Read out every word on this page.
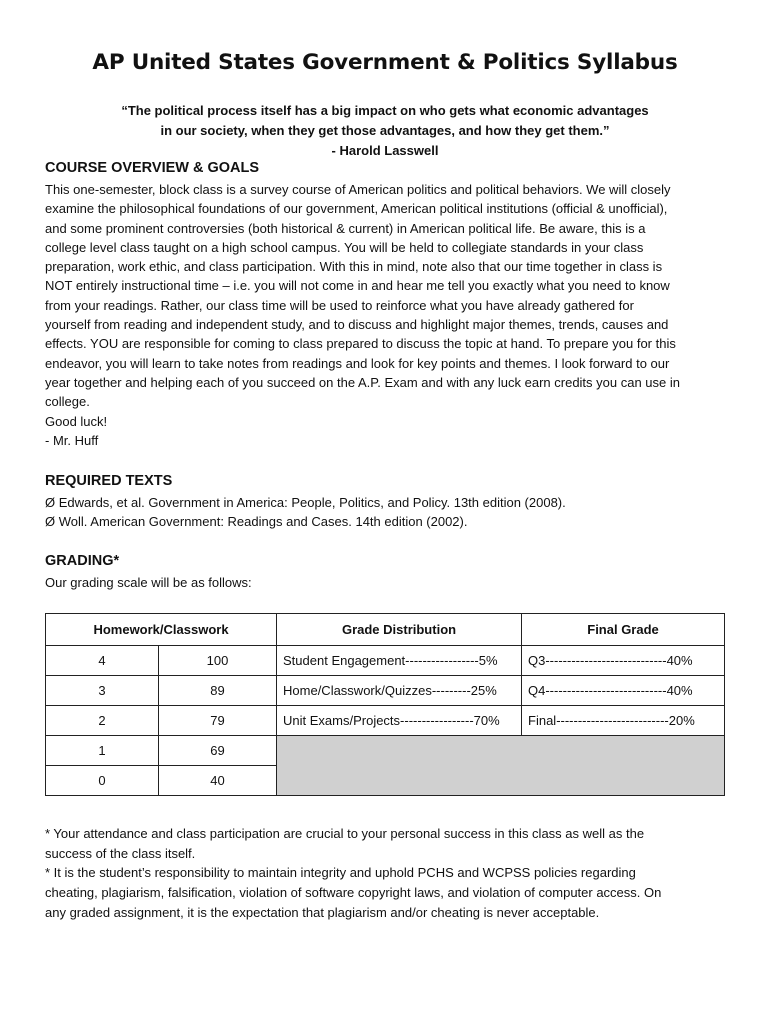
AP United States Government & Politics Syllabus
“The political process itself has a big impact on who gets what economic advantages
in our society, when they get those advantages, and how they get them.”
- Harold Lasswell
COURSE OVERVIEW & GOALS
This one-semester, block class is a survey course of American politics and political behaviors. We will closely
examine the philosophical foundations of our government, American political institutions (official & unofficial),
and some prominent controversies (both historical & current) in American political life. Be aware, this is a
college level class taught on a high school campus. You will be held to collegiate standards in your class
preparation, work ethic, and class participation. With this in mind, note also that our time together in class is
NOT entirely instructional time – i.e. you will not come in and hear me tell you exactly what you need to know
from your readings. Rather, our class time will be used to reinforce what you have already gathered for
yourself from reading and independent study, and to discuss and highlight major themes, trends, causes and
effects. YOU are responsible for coming to class prepared to discuss the topic at hand. To prepare you for this
endeavor, you will learn to take notes from readings and look for key points and themes. I look forward to our
year together and helping each of you succeed on the A.P. Exam and with any luck earn credits you can use in
college.
Good luck!
- Mr. Huff
REQUIRED TEXTS
Ø Edwards, et al. Government in America: People, Politics, and Policy. 13th edition (2008).
Ø Woll. American Government: Readings and Cases. 14th edition (2002).
GRADING*
Our grading scale will be as follows:
Homework/Classwork		Grade Distribution	Final Grade
4	100	Student Engagement-----------------5%	Q3----------------------------40%
3	89	Home/Classwork/Quizzes---------25%	Q4----------------------------40%
2	79	Unit Exams/Projects-----------------70%	Final--------------------------20%
1	69		
0	40		
* Your attendance and class participation are crucial to your personal success in this class as well as the
success of the class itself.
* It is the student’s responsibility to maintain integrity and uphold PCHS and WCPSS policies regarding
cheating, plagiarism, falsification, violation of software copyright laws, and violation of computer access. On
any graded assignment, it is the expectation that plagiarism and/or cheating is never acceptable.
